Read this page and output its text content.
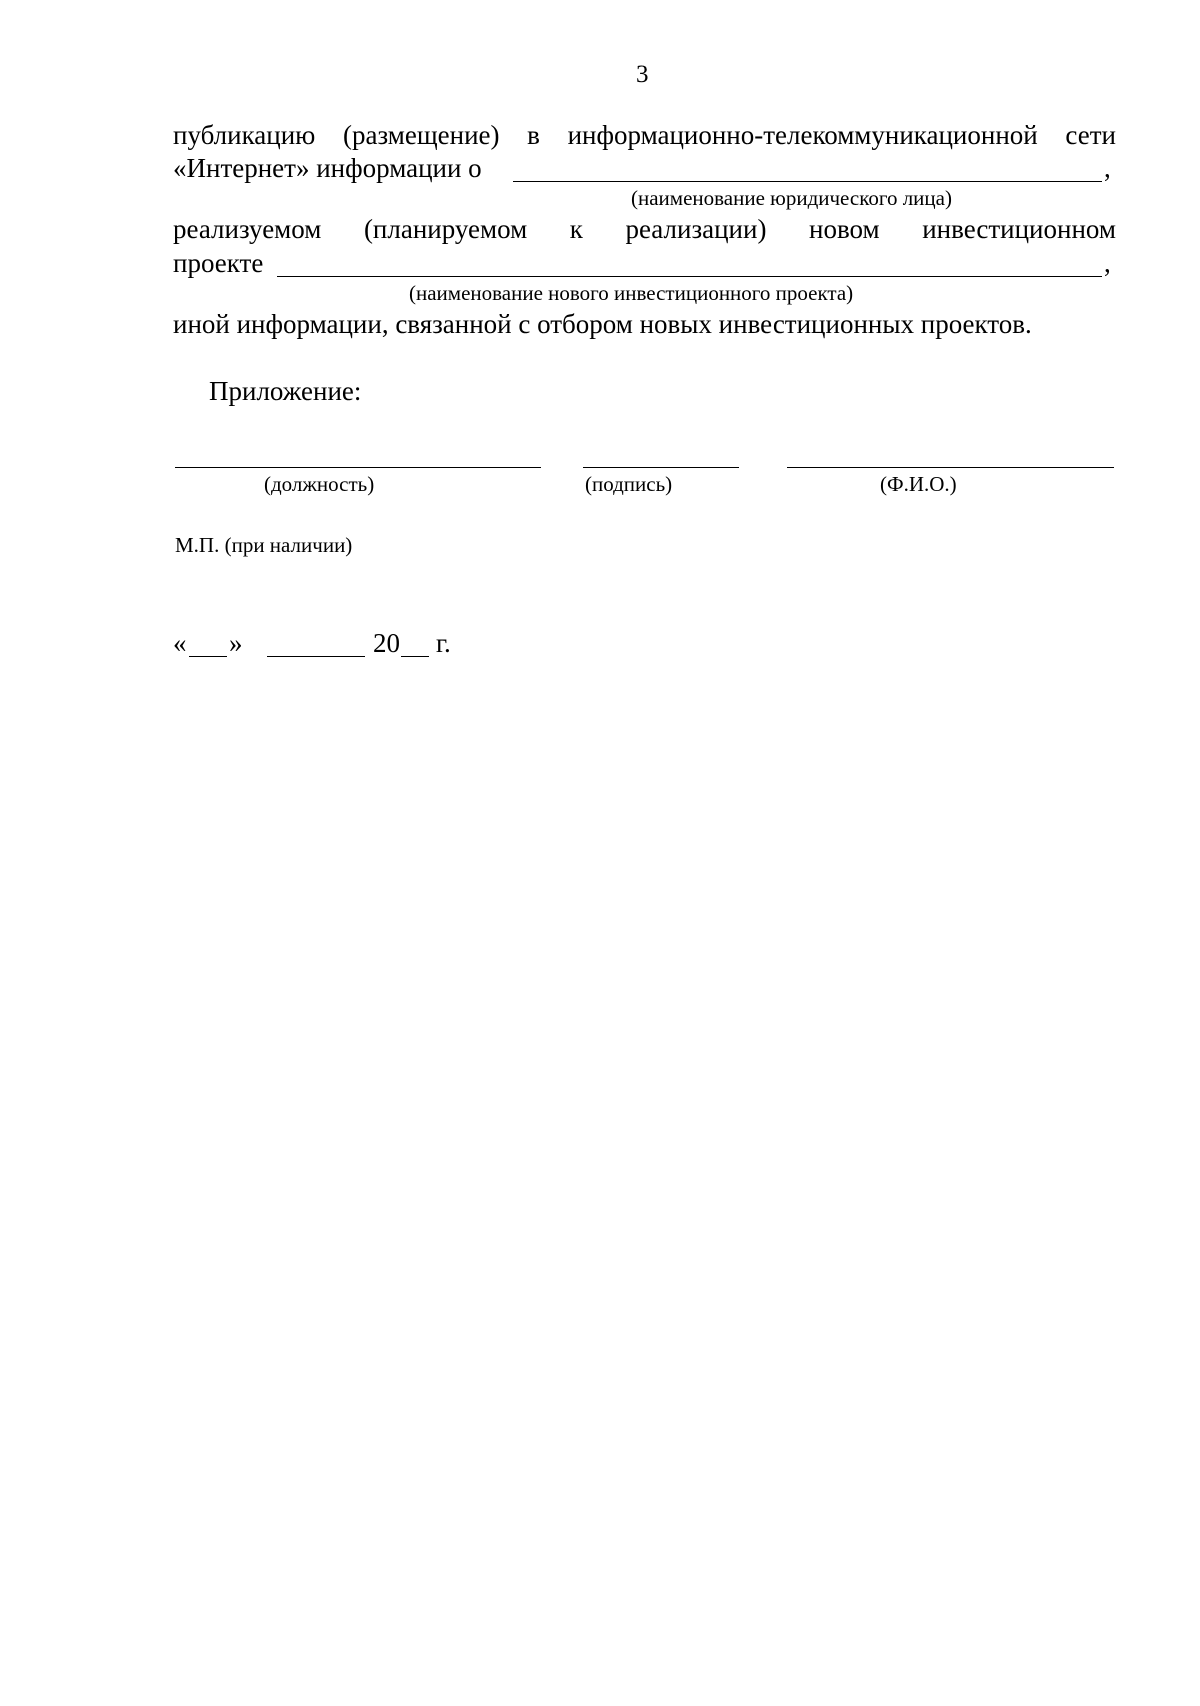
3
публикацию (размещение) в информационно-телекоммуникационной сети
«Интернет» информации о	,
(наименование юридического лица)
реализуемом (планируемом к реализации) новом инвестиционном
проекте	,
(наименование нового инвестиционного проекта)
иной информации, связанной с отбором новых инвестиционных проектов.
Приложение:
(должность)	(подпись)	(Ф.И.О.)
М.П. (при наличии)
« »	20 г.
